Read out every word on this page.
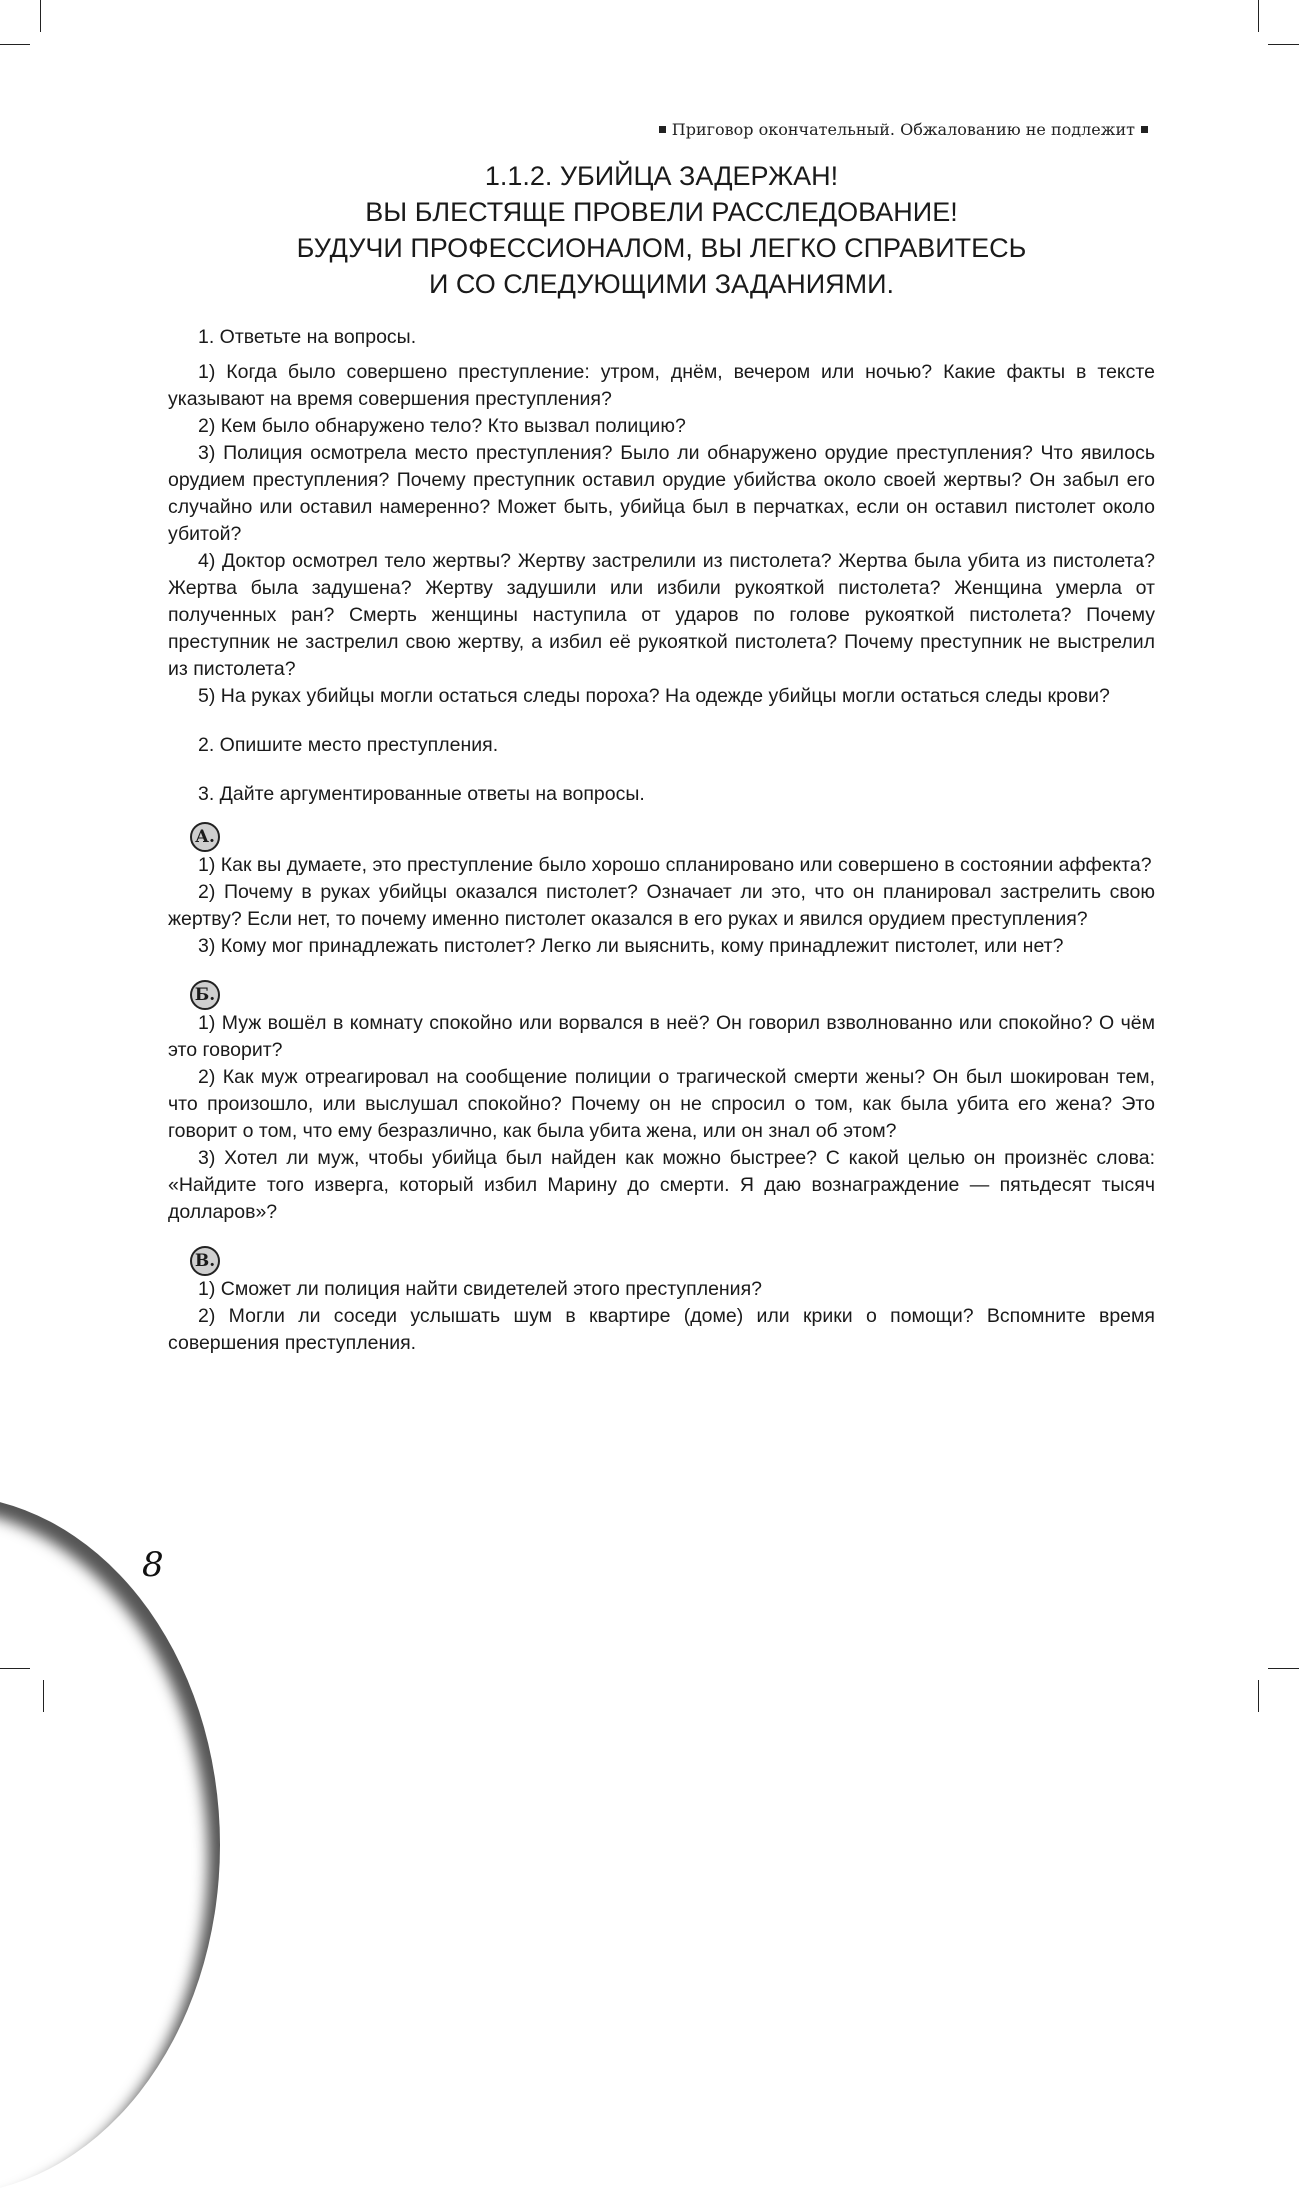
Приговор окончательный. Обжалованию не подлежит
1.1.2. УБИЙЦА ЗАДЕРЖАН!
ВЫ БЛЕСТЯЩЕ ПРОВЕЛИ РАССЛЕДОВАНИЕ!
БУДУЧИ ПРОФЕССИОНАЛОМ, ВЫ ЛЕГКО СПРАВИТЕСЬ
И СО СЛЕДУЮЩИМИ ЗАДАНИЯМИ.

1. Ответьте на вопросы.

1) Когда было совершено преступление: утром, днём, вечером или ночью? Какие факты в тексте указывают на время совершения преступления?

2) Кем было обнаружено тело? Кто вызвал полицию?

3) Полиция осмотрела место преступления? Было ли обнаружено орудие преступления? Что явилось орудием преступления? Почему преступник оставил орудие убийства около своей жертвы? Он забыл его случайно или оставил намеренно? Может быть, убийца был в перчатках, если он оставил пистолет около убитой?

4) Доктор осмотрел тело жертвы? Жертву застрелили из пистолета? Жертва была убита из пистолета? Жертва была задушена? Жертву задушили или избили рукояткой пистолета? Женщина умерла от полученных ран? Смерть женщины наступила от ударов по голове рукояткой пистолета? Почему преступник не застрелил свою жертву, а избил её рукояткой пистолета? Почему преступник не выстрелил из пистолета?

5) На руках убийцы могли остаться следы пороха? На одежде убийцы могли остаться следы крови?

2. Опишите место преступления.

3. Дайте аргументированные ответы на вопросы.

А.

1) Как вы думаете, это преступление было хорошо спланировано или совершено в состоянии аффекта?

2) Почему в руках убийцы оказался пистолет? Означает ли это, что он планировал застрелить свою жертву? Если нет, то почему именно пистолет оказался в его руках и явился орудием преступления?

3) Кому мог принадлежать пистолет? Легко ли выяснить, кому принадлежит пистолет, или нет?

Б.

1) Муж вошёл в комнату спокойно или ворвался в неё? Он говорил взволнованно или спокойно? О чём это говорит?

2) Как муж отреагировал на сообщение полиции о трагической смерти жены? Он был шокирован тем, что произошло, или выслушал спокойно? Почему он не спросил о том, как была убита его жена? Это говорит о том, что ему безразлично, как была убита жена, или он знал об этом?

3) Хотел ли муж, чтобы убийца был найден как можно быстрее? С какой целью он произнёс слова: «Найдите того изверга, который избил Марину до смерти. Я даю вознаграждение — пятьдесят тысяч долларов»?

В.

1) Сможет ли полиция найти свидетелей этого преступления?

2) Могли ли соседи услышать шум в квартире (доме) или крики о помощи? Вспомните время совершения преступления.

8
